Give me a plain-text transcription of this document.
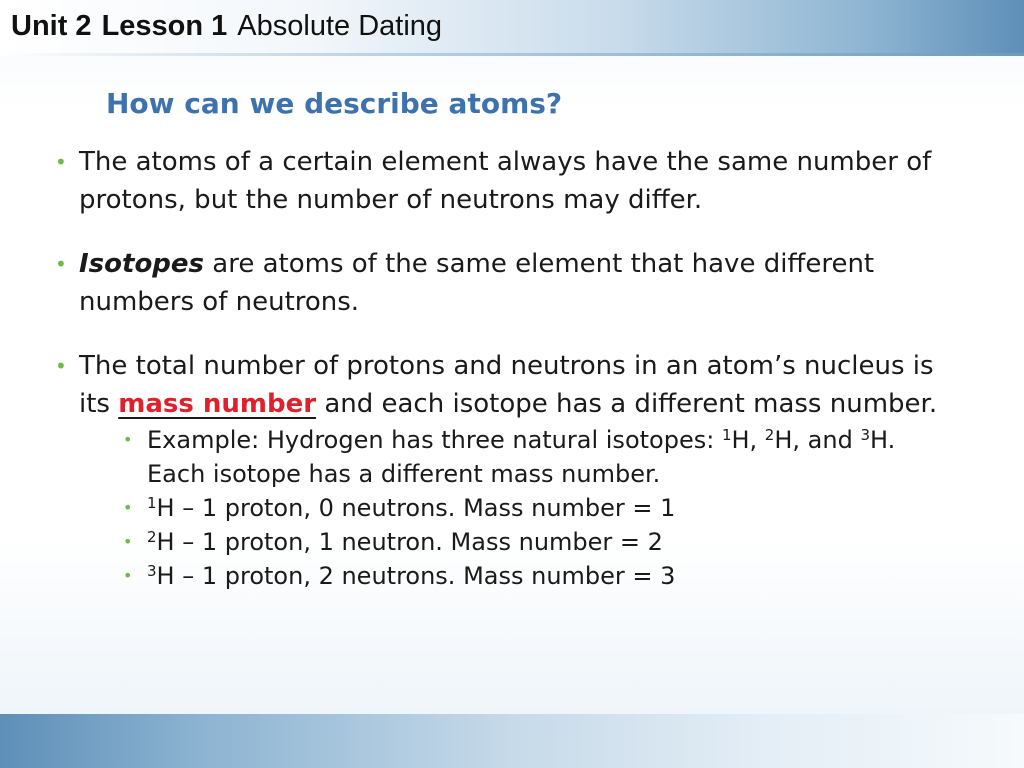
Unit 2 Lesson 1 Absolute Dating
How can we describe atoms?
• The atoms of a certain element always have the same number of protons, but the number of neutrons may differ.
• Isotopes are atoms of the same element that have different numbers of neutrons.
• The total number of protons and neutrons in an atom’s nucleus is its mass number and each isotope has a different mass number.
• Example: Hydrogen has three natural isotopes: $^1$H, $^2$H, and $^3$H. Each isotope has a different mass number.
• $^1$H – 1 proton, 0 neutrons. Mass number = 1
• $^2$H – 1 proton, 1 neutron. Mass number = 2
• $^3$H – 1 proton, 2 neutrons. Mass number = 3
